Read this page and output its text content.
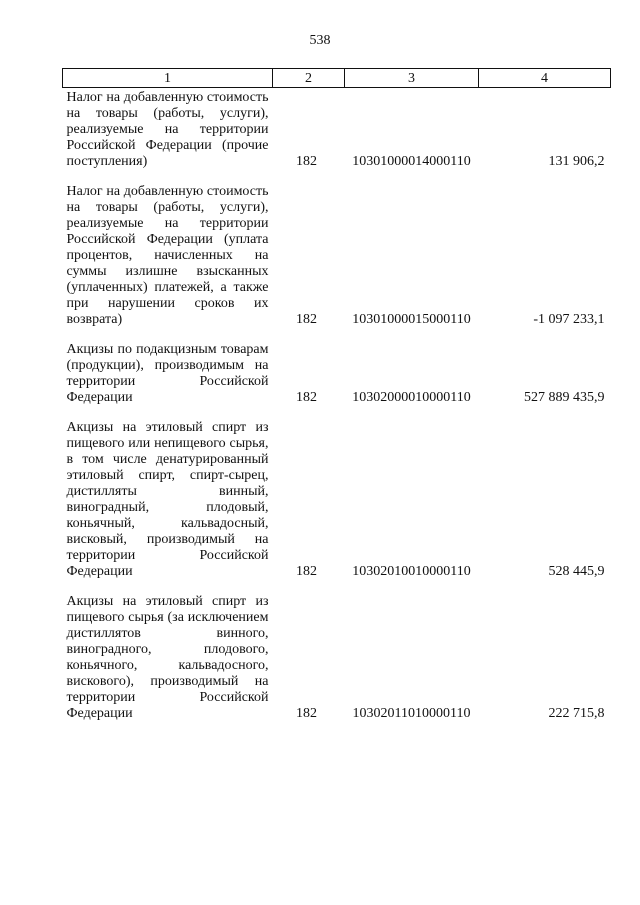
538
1	2	3	4
Налог на добавленную стоимость на товары (работы, услуги), реализуемые на территории Российской Федерации (прочие поступления)	182	10301000014000110	131 906,2
Налог на добавленную стоимость на товары (работы, услуги), реализуемые на территории Российской Федерации (уплата процентов, начисленных на суммы излишне взысканных (уплаченных) платежей, а также при нарушении сроков их возврата)	182	10301000015000110	-1 097 233,1
Акцизы по подакцизным товарам (продукции), производимым на территории Российской Федерации	182	10302000010000110	527 889 435,9
Акцизы на этиловый спирт из пищевого или непищевого сырья, в том числе денатурированный этиловый спирт, спирт-сырец, дистилляты винный, виноградный, плодовый, коньячный, кальвадосный, висковый, производимый на территории Российской Федерации	182	10302010010000110	528 445,9
Акцизы на этиловый спирт из пищевого сырья (за исключением дистиллятов винного, виноградного, плодового, коньячного, кальвадосного, вискового), производимый на территории Российской Федерации	182	10302011010000110	222 715,8
